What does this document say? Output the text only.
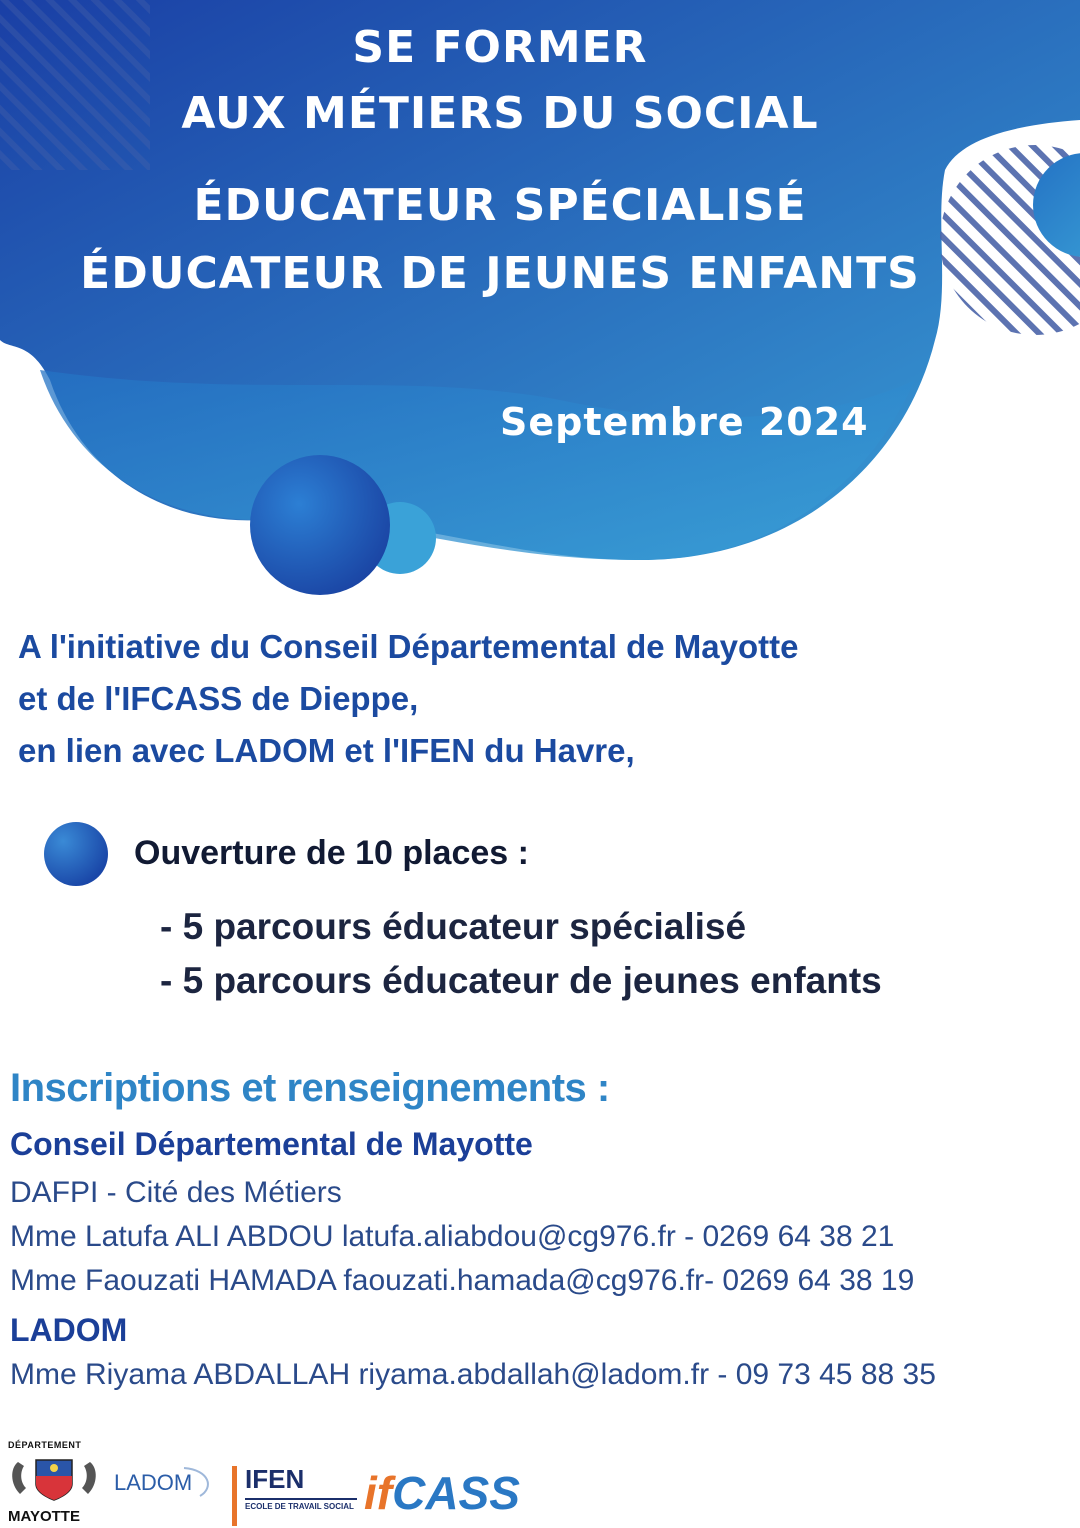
SE FORMER
AUX MÉTIERS DU SOCIAL
ÉDUCATEUR SPÉCIALISÉ
ÉDUCATEUR DE JEUNES ENFANTS
Septembre 2024
A l'initiative du Conseil Départemental de Mayotte
et de l'IFCASS de Dieppe,
en lien avec LADOM et l'IFEN du Havre,
Ouverture de 10 places :
- 5 parcours éducateur spécialisé
- 5 parcours éducateur de jeunes enfants
Inscriptions et renseignements :
Conseil Départemental de Mayotte
DAFPI - Cité des Métiers
Mme Latufa ALI ABDOU latufa.aliabdou@cg976.fr - 0269 64 38 21
Mme Faouzati HAMADA faouzati.hamada@cg976.fr- 0269 64 38 19
LADOM
Mme Riyama ABDALLAH riyama.abdallah@ladom.fr - 09 73 45 88 35
DÉPARTEMENT
MAYOTTE
LADOM IFEN
ECOLE DE TRAVAIL SOCIAL ifCASS
